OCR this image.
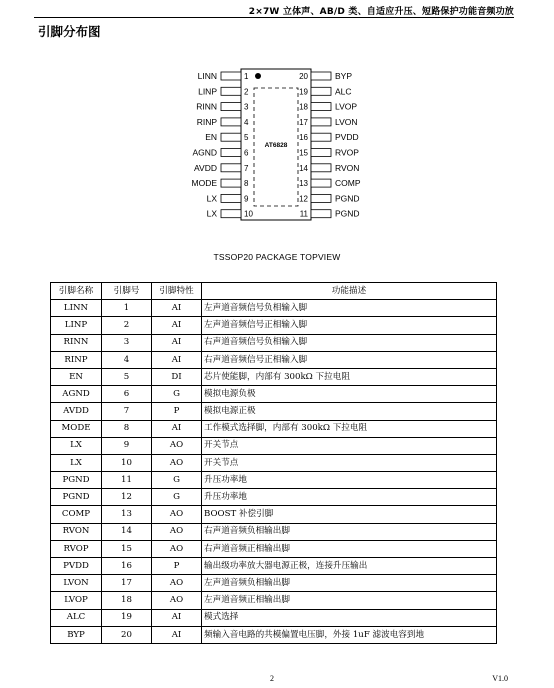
2×7W 立体声、AB/D 类、自适应升压、短路保护功能音频功放
引脚分布图
AT6828
1
LINN
2
LINP
3
RINN
4
RINP
5
EN
6
AGND
7
AVDD
8
MODE
9
LX
10
LX
20	BYP
19	ALC
18	LVOP
17	LVON
16	PVDD
15	RVOP
14	RVON
13	COMP
12	PGND
11	PGND
TSSOP20 PACKAGE TOPVIEW
引脚名称	引脚号	引脚特性	功能描述
LINN	1	AI	左声道音频信号负相输入脚
LINP	2	AI	左声道音频信号正相输入脚
RINN	3	AI	右声道音频信号负相输入脚
RINP	4	AI	右声道音频信号正相输入脚
EN	5	DI	芯片使能脚，内部有 300kΩ 下拉电阻
AGND	6	G	模拟电源负极
AVDD	7	P	模拟电源正极
MODE	8	AI	工作模式选择脚，内部有 300kΩ 下拉电阻
LX	9	AO	开关节点
LX	10	AO	开关节点
PGND	11	G	升压功率地
PGND	12	G	升压功率地
COMP	13	AO	BOOST 补偿引脚
RVON	14	AO	右声道音频负相输出脚
RVOP	15	AO	右声道音频正相输出脚
PVDD	16	P	输出级功率放大器电源正极，连接升压输出
LVON	17	AO	左声道音频负相输出脚
LVOP	18	AO	左声道音频正相输出脚
ALC	19	AI	模式选择
BYP	20	AI	频输入音电路的共模偏置电压脚，外接 1uF 滤波电容到地
2	V1.0
